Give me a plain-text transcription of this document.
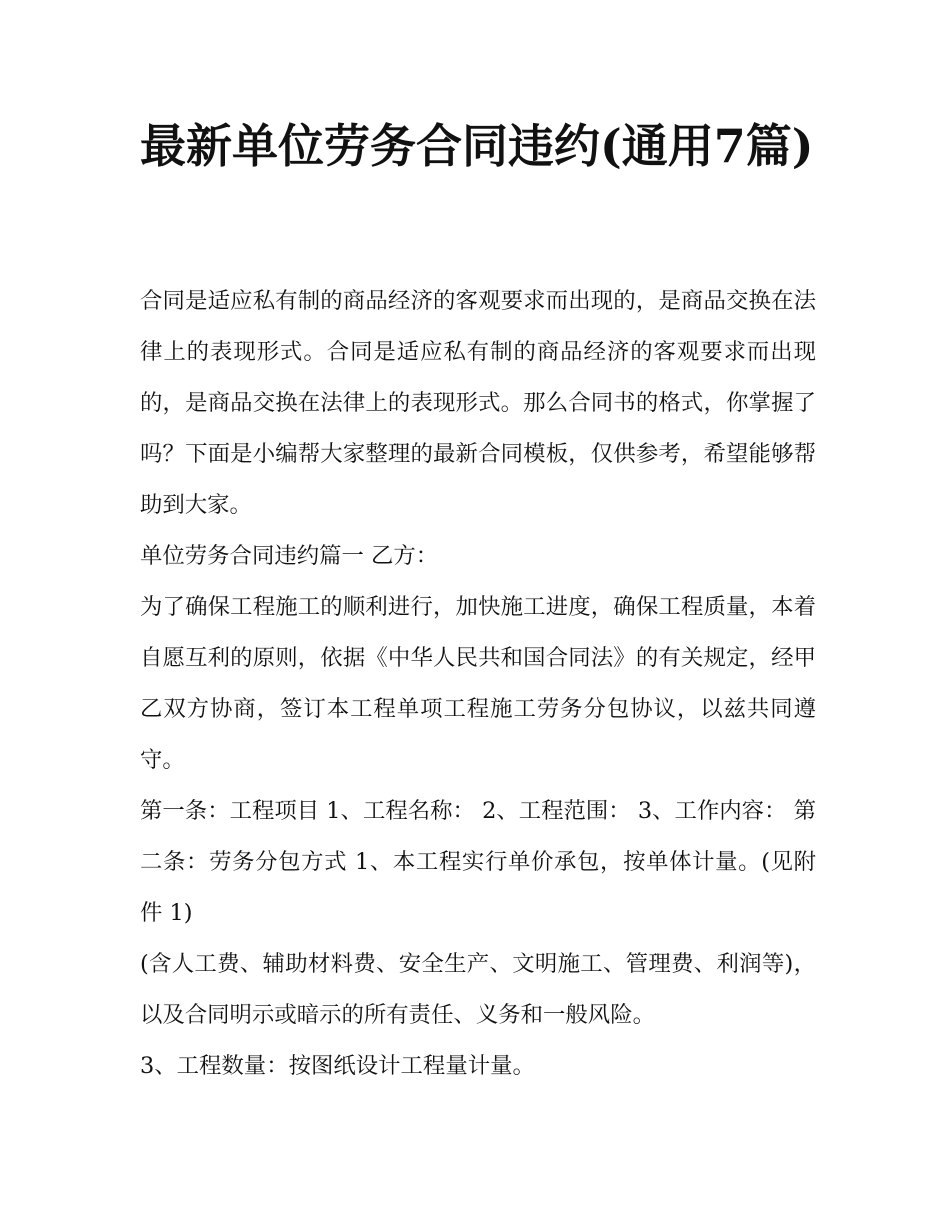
最新单位劳务合同违约(通用7篇)

合同是适应私有制的商品经济的客观要求而出现的，是商品交换在法律上的表现形式。合同是适应私有制的商品经济的客观要求而出现的，是商品交换在法律上的表现形式。那么合同书的格式，你掌握了吗？下面是小编帮大家整理的最新合同模板，仅供参考，希望能够帮助到大家。

单位劳务合同违约篇一 乙方：

为了确保工程施工的顺利进行，加快施工进度，确保工程质量，本着自愿互利的原则，依据《中华人民共和国合同法》的有关规定，经甲乙双方协商，签订本工程单项工程施工劳务分包协议，以兹共同遵守。

第一条：工程项目 1、工程名称： 2、工程范围： 3、工作内容： 第二条：劳务分包方式 1、本工程实行单价承包，按单体计量。(见附件 1)

(含人工费、辅助材料费、安全生产、文明施工、管理费、利润等)，以及合同明示或暗示的所有责任、义务和一般风险。

3、工程数量：按图纸设计工程量计量。
